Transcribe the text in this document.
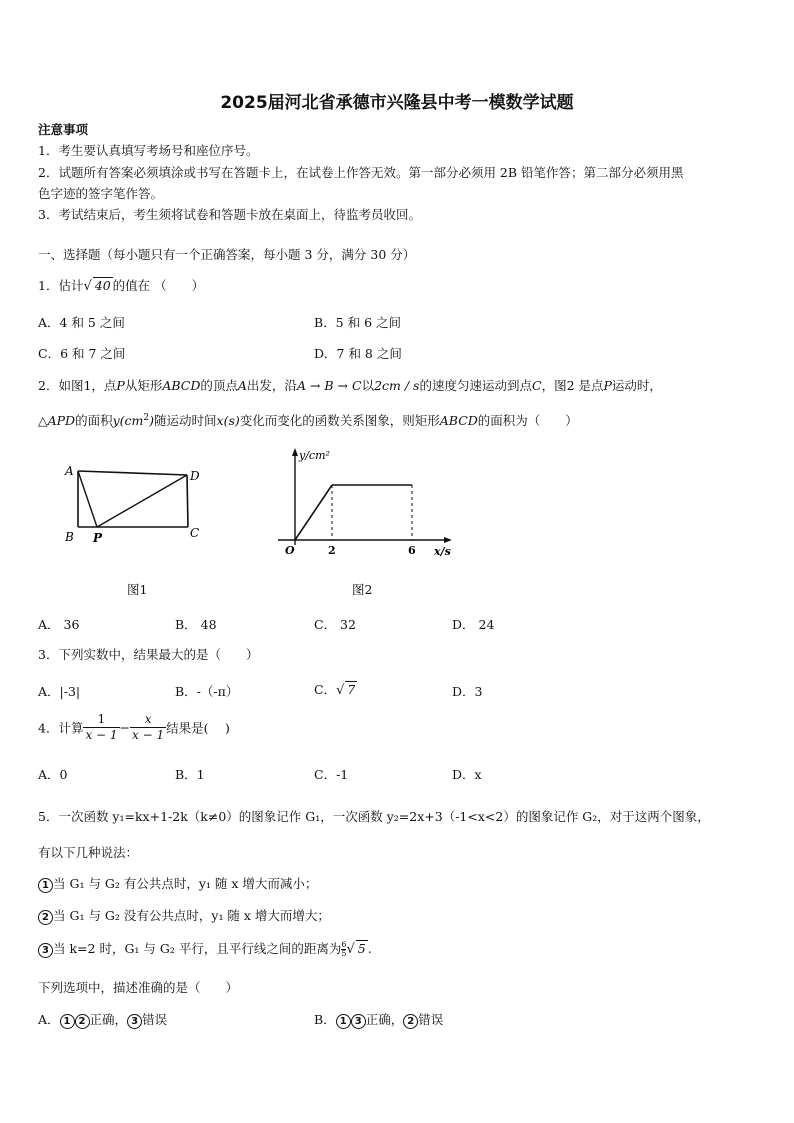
2025届河北省承德市兴隆县中考一模数学试题
注意事项
1．考生要认真填写考场号和座位序号。
2．试题所有答案必须填涂或书写在答题卡上，在试卷上作答无效。第一部分必须用 2B 铅笔作答；第二部分必须用黑
色字迹的签字笔作答。
3．考试结束后，考生须将试卷和答题卡放在桌面上，待监考员收回。
一、选择题（每小题只有一个正确答案，每小题 3 分，满分 30 分）
1．估计√ 40 的值在 （　　）
A．4 和 5 之间	B．5 和 6 之间
C．6 和 7 之间	D．7 和 8 之间
2．如图1，点P从矩形ABCD的顶点A出发，沿A → B → C以2cm / s的速度匀速运动到点C，图2 是点P运动时，
△APD的面积$y(cm^2)$随运动时间x(s)变化而变化的函数关系图象，则矩形ABCD的面积为（　　）
A
B P	C
D
图1
y/cm²
x/s
O	2	6
图2
A． 36	B． 48	C． 32	D． 24
3．下列实数中，结果最大的是（　　）
A．|-3|	B．-（-π）	C．√ 7	D．3
4．计算 $\frac{1}{x - 1} - \frac{x}{x - 1}$ 结果是(　 )
A．0	B．1	C．-1	D．x
5．一次函数 y₁=kx+1-2k（k≠0）的图象记作 G₁，一次函数 y₂=2x+3（-1<x<2）的图象记作 G₂，对于这两个图象，
有以下几种说法：
1 当 G₁ 与 G₂ 有公共点时，y₁ 随 x 增大而减小；
2 当 G₁ 与 G₂ 没有公共点时，y₁ 随 x 增大而增大；
3 当 k=2 时，G₁ 与 G₂ 平行，且平行线之间的距离为 $\frac{6}{5}$ √ 5 .
下列选项中，描述准确的是（　　）
A． 1 2 正确， 3 错误	B． 1 3 正确， 2 错误
